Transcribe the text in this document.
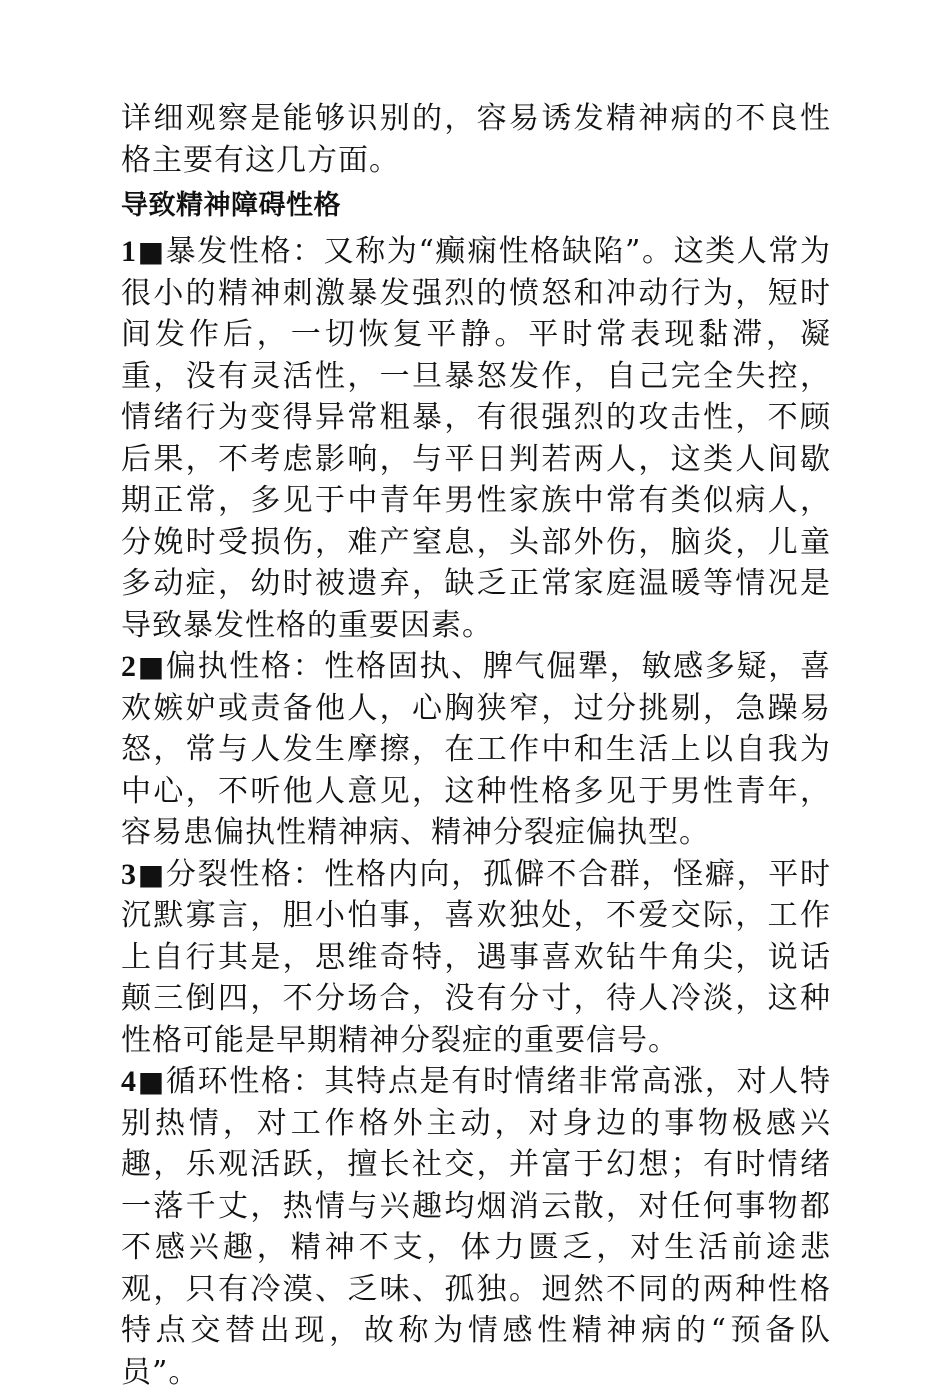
详细观察是能够识别的，容易诱发精神病的不良性格主要有这几方面。

导致精神障碍性格

1■暴发性格：又称为“癫痫性格缺陷”。这类人常为很小的精神刺激暴发强烈的愤怒和冲动行为，短时间发作后，一切恢复平静。平时常表现黏滞，凝重，没有灵活性，一旦暴怒发作，自己完全失控，情绪行为变得异常粗暴，有很强烈的攻击性，不顾后果，不考虑影响，与平日判若两人，这类人间歇期正常，多见于中青年男性家族中常有类似病人，分娩时受损伤，难产窒息，头部外伤，脑炎，儿童多动症，幼时被遗弃，缺乏正常家庭温暖等情况是导致暴发性格的重要因素。

2■偏执性格：性格固执、脾气倔犟，敏感多疑，喜欢嫉妒或责备他人，心胸狭窄，过分挑剔，急躁易怒，常与人发生摩擦，在工作中和生活上以自我为中心，不听他人意见，这种性格多见于男性青年，容易患偏执性精神病、精神分裂症偏执型。

3■分裂性格：性格内向，孤僻不合群，怪癖，平时沉默寡言，胆小怕事，喜欢独处，不爱交际，工作上自行其是，思维奇特，遇事喜欢钻牛角尖，说话颠三倒四，不分场合，没有分寸，待人冷淡，这种性格可能是早期精神分裂症的重要信号。

4■循环性格：其特点是有时情绪非常高涨，对人特别热情，对工作格外主动，对身边的事物极感兴趣，乐观活跃，擅长社交，并富于幻想；有时情绪一落千丈，热情与兴趣均烟消云散，对任何事物都不感兴趣，精神不支，体力匮乏，对生活前途悲观，只有冷漠、乏味、孤独。迥然不同的两种性格特点交替出现，故称为情感性精神病的“预备队员”。
